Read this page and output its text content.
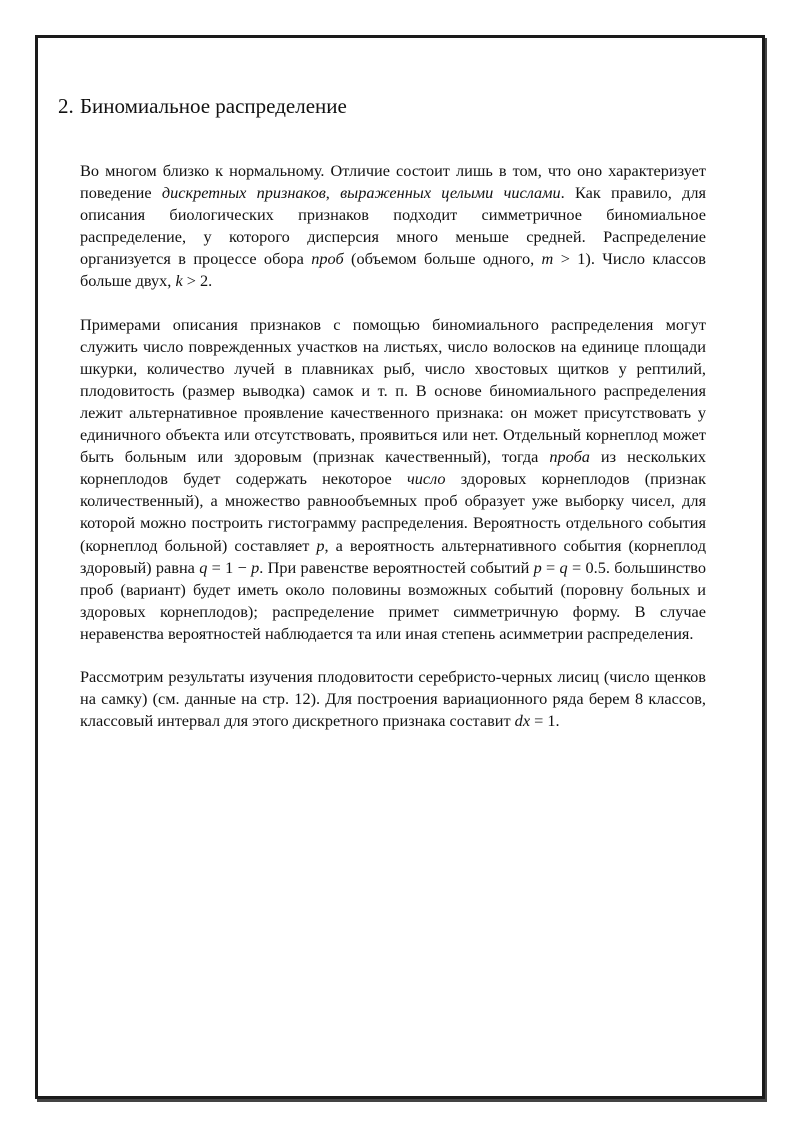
2. Биномиальное распределение

Во многом близко к нормальному. Отличие состоит лишь в том, что оно характеризует поведение дискретных признаков, выраженных целыми числами. Как правило, для описания биологических признаков подходит симметричное биномиальное распределение, у которого дисперсия много меньше средней. Распределение организуется в процессе обора проб (объемом больше одного, m > 1). Число классов больше двух, k > 2.

Примерами описания признаков с помощью биномиального распределения могут служить число поврежденных участков на листьях, число волосков на единице площади шкурки, количество лучей в плавниках рыб, число хвостовых щитков у рептилий, плодовитость (размер выводка) самок и т. п. В основе биномиального распределения лежит альтернативное проявление качественного признака: он может присутствовать у единичного объекта или отсутствовать, проявиться или нет. Отдельный корнеплод может быть больным или здоровым (признак качественный), тогда проба из нескольких корнеплодов будет содержать некоторое число здоровых корнеплодов (признак количественный), а множество равнообъемных проб образует уже выборку чисел, для которой можно построить гистограмму распределения. Вероятность отдельного события (корнеплод больной) составляет p, а вероятность альтернативного события (корнеплод здоровый) равна q = 1 − p. При равенстве вероятностей событий p = q = 0.5. большинство проб (вариант) будет иметь около половины возможных событий (поровну больных и здоровых корнеплодов); распределение примет симметричную форму. В случае неравенства вероятностей наблюдается та или иная степень асимметрии распределения.

Рассмотрим результаты изучения плодовитости серебристо-черных лисиц (число щенков на самку) (см. данные на стр. 12). Для построения вариационного ряда берем 8 классов, классовый интервал для этого дискретного признака составит dx = 1.
